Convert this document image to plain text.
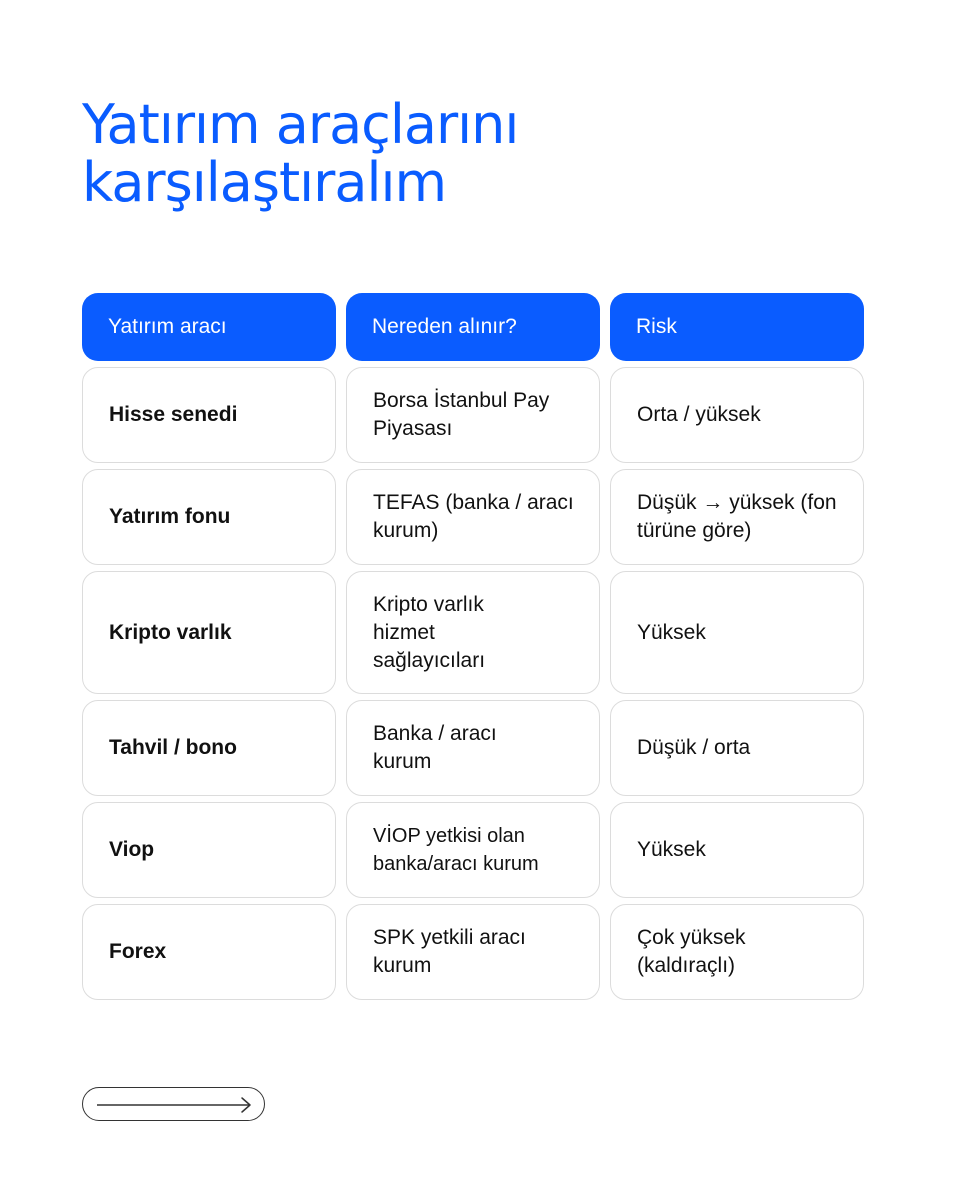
Yatırım araçlarını
karşılaştıralım
Yatırım aracı	Nereden alınır?	Risk
Hisse senedi
Borsa İstanbul Pay Piyasası
Orta / yüksek
Yatırım fonu
TEFAS (banka / aracı kurum)
Düşük → yüksek (fon türüne göre)
Kripto varlık
Kripto varlık hizmet sağlayıcıları
Yüksek
Tahvil / bono
Banka / aracı kurum
Düşük / orta
Viop
VİOP yetkisi olan banka/aracı kurum
Yüksek
Forex
SPK yetkili aracı kurum
Çok yüksek (kaldıraçlı)
